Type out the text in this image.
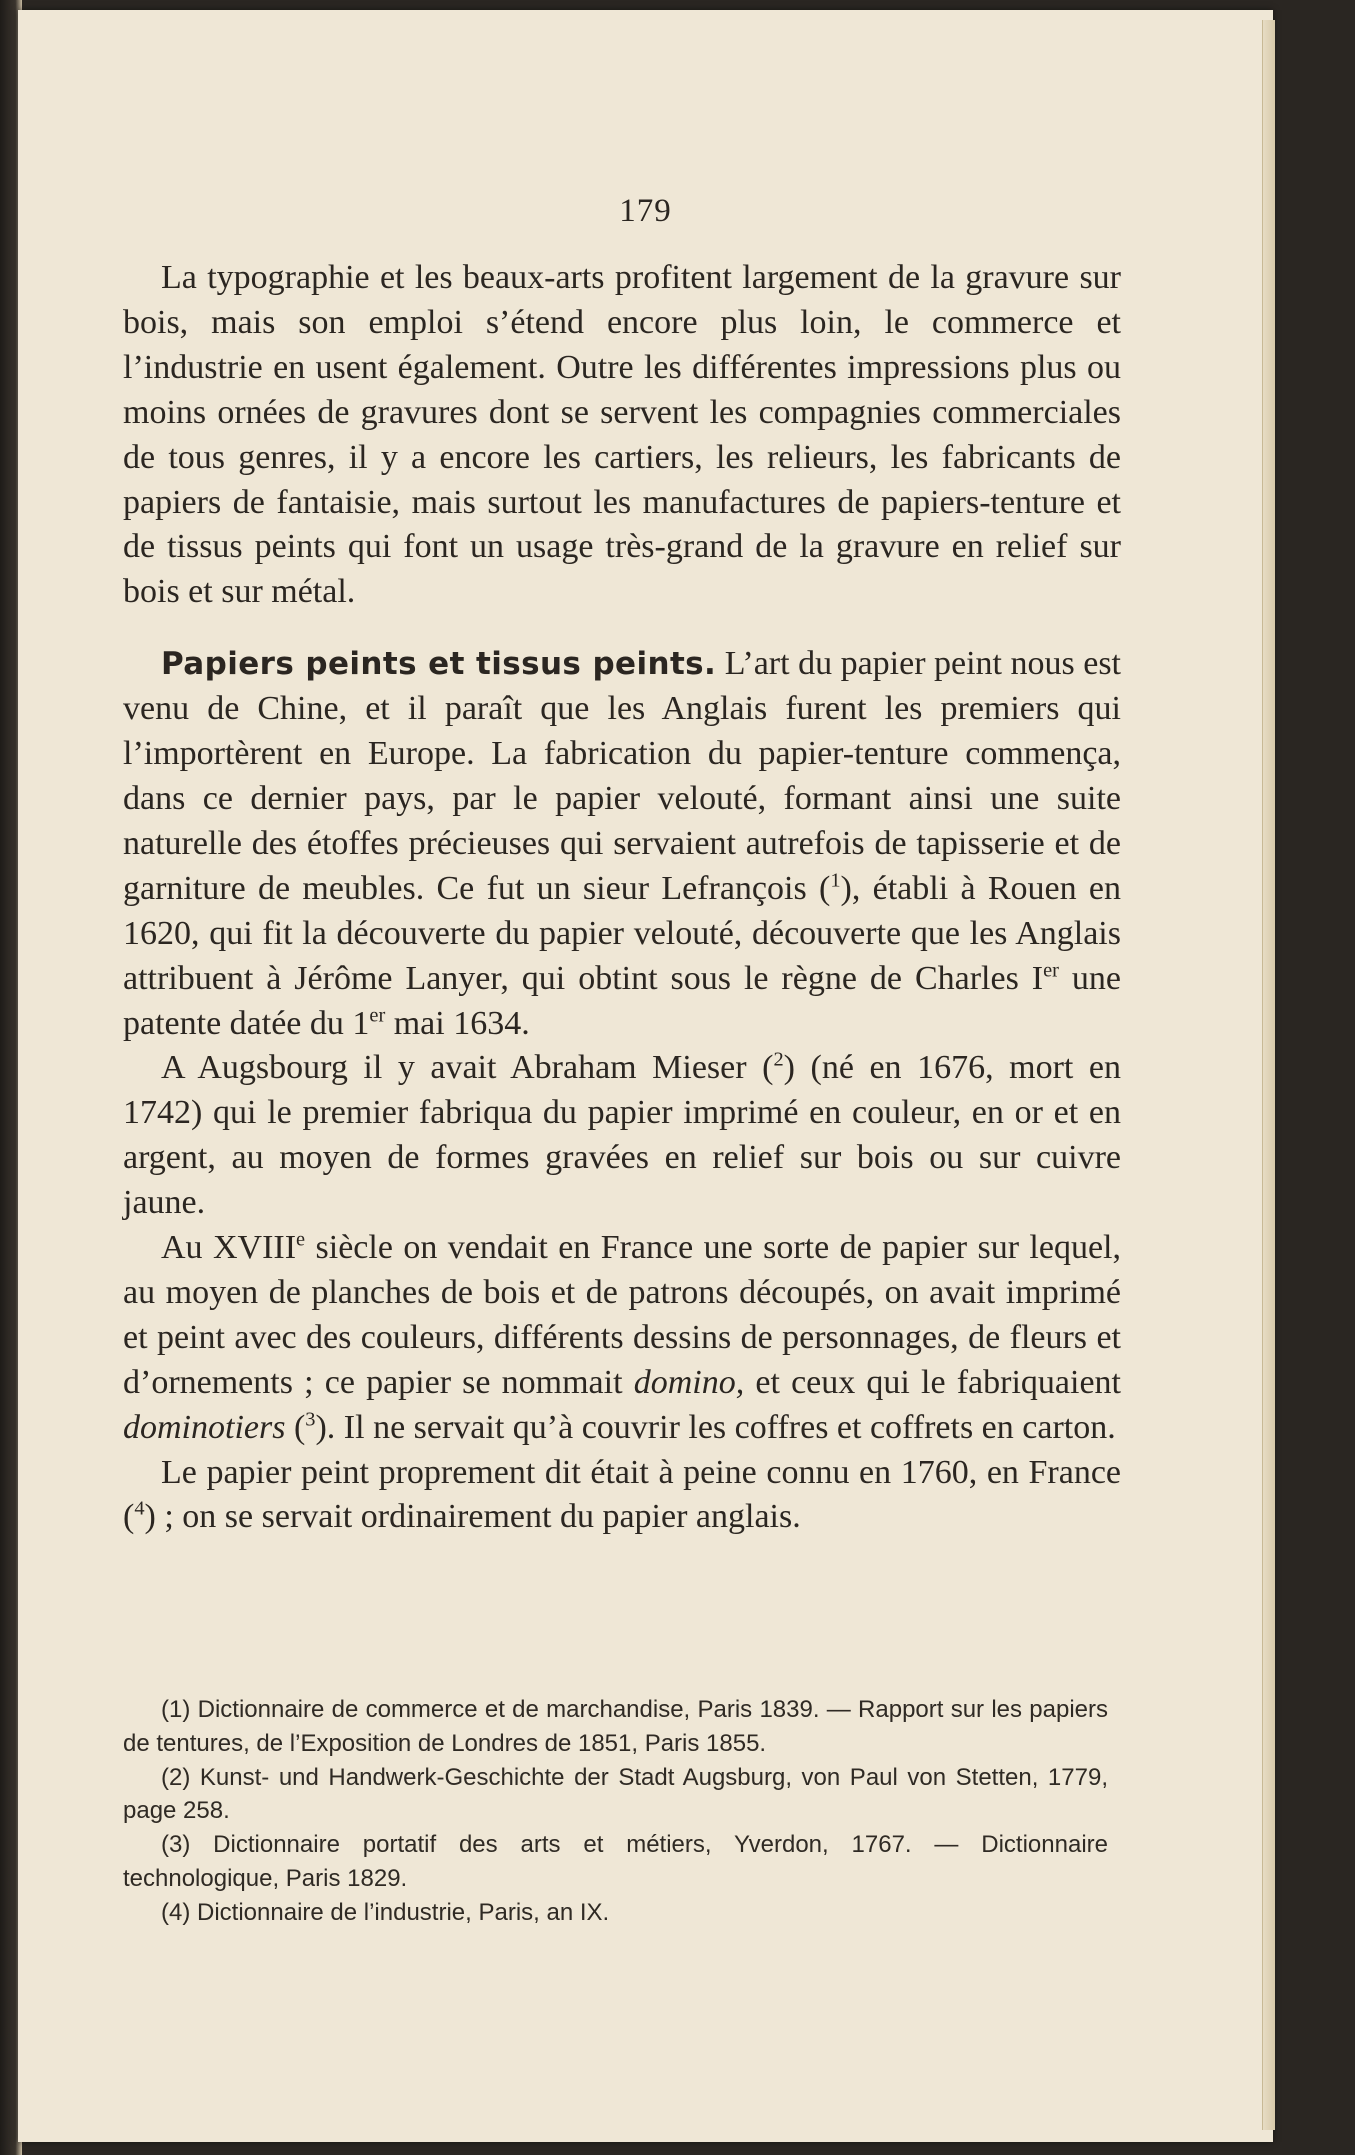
179

La typographie et les beaux-arts profitent largement de la gravure sur bois, mais son emploi s’étend encore plus loin, le commerce et l’industrie en usent également. Outre les différentes impressions plus ou moins ornées de gravures dont se servent les compagnies commerciales de tous genres, il y a encore les cartiers, les relieurs, les fabricants de papiers de fantaisie, mais surtout les manufactures de papiers-tenture et de tissus peints qui font un usage très-grand de la gravure en relief sur bois et sur métal.

Papiers peints et tissus peints. L’art du papier peint nous est venu de Chine, et il paraît que les Anglais furent les premiers qui l’importèrent en Europe. La fabrication du papier-tenture commença, dans ce dernier pays, par le papier velouté, formant ainsi une suite naturelle des étoffes précieuses qui servaient autrefois de tapisserie et de garniture de meubles. Ce fut un sieur Lefrançois ($^1$), établi à Rouen en 1620, qui fit la découverte du papier velouté, découverte que les Anglais attribuent à Jérôme Lanyer, qui obtint sous le règne de Charles Ier une patente datée du 1er mai 1634.

A Augsbourg il y avait Abraham Mieser ($^2$) (né en 1676, mort en 1742) qui le premier fabriqua du papier imprimé en couleur, en or et en argent, au moyen de formes gravées en relief sur bois ou sur cuivre jaune.

Au XVIIIe siècle on vendait en France une sorte de papier sur lequel, au moyen de planches de bois et de patrons découpés, on avait imprimé et peint avec des couleurs, différents dessins de personnages, de fleurs et d’ornements ; ce papier se nommait domino, et ceux qui le fabriquaient dominotiers ($^3$). Il ne servait qu’à couvrir les coffres et coffrets en carton.

Le papier peint proprement dit était à peine connu en 1760, en France ($^4$) ; on se servait ordinairement du papier anglais.

(1) Dictionnaire de commerce et de marchandise, Paris 1839. — Rapport sur les papiers de tentures, de l’Exposition de Londres de 1851, Paris 1855.

(2) Kunst- und Handwerk-Geschichte der Stadt Augsburg, von Paul von Stetten, 1779, page 258.

(3) Dictionnaire portatif des arts et métiers, Yverdon, 1767. — Dictionnaire technologique, Paris 1829.

(4) Dictionnaire de l’industrie, Paris, an IX.
